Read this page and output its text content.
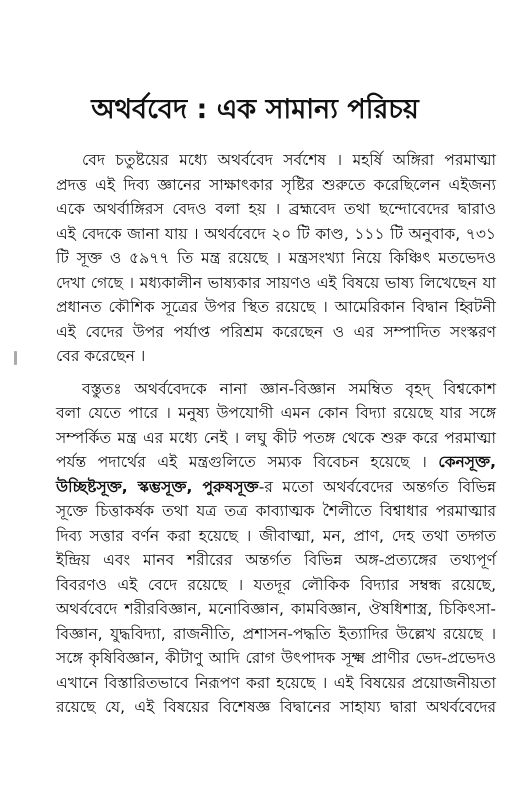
অথর্ববেদ : এক সামান্য পরিচয়
বেদ চতুষ্টয়ের মধ্যে অথর্ববেদ সর্বশেষ । মহর্ষি অঙ্গিরা পরমাত্মা
প্রদত্ত এই দিব্য জ্ঞানের সাক্ষাৎকার সৃষ্টির শুরুতে করেছিলেন এইজন্য
একে অথর্বাঙ্গিরস বেদও বলা হয় । ব্রহ্মবেদ তথা ছন্দোবেদের দ্বারাও
এই বেদকে জানা যায় । অথর্ববেদে ২০ টি কাণ্ড, ১১১ টি অনুবাক, ৭৩১
টি সূক্ত ও ৫৯৭৭ তি মন্ত্র রয়েছে । মন্ত্রসংখ্যা নিয়ে কিঞ্চিৎ মতভেদও
দেখা গেছে । মধ্যকালীন ভাষ্যকার সায়ণও এই বিষয়ে ভাষ্য লিখেছেন যা
প্রধানত কৌশিক সূত্রের উপর স্থিত রয়েছে । আমেরিকান বিদ্বান হ্বিটনী
এই বেদের উপর পর্যাপ্ত পরিশ্রম করেছেন ও এর সম্পাদিত সংস্করণ
বের করেছেন ।
বস্তুতঃ অথর্ববেদকে নানা জ্ঞান-বিজ্ঞান সমম্বিত বৃহদ্ বিশ্বকোশ
বলা যেতে পারে । মনুষ্য উপযোগী এমন কোন বিদ্যা রয়েছে যার সঙ্গে
সম্পর্কিত মন্ত্র এর মধ্যে নেই । লঘু কীট পতঙ্গ থেকে শুরু করে পরমাত্মা
পর্যন্ত পদার্থের এই মন্ত্রগুলিতে সম্যক বিবেচন হয়েছে । কেনসূক্ত,
উচ্ছিষ্টসূক্ত, স্কম্ভসূক্ত, পুরুষসূক্ত-র মতো অথর্ববেদের অন্তর্গত বিভিন্ন
সূক্তে চিত্তাকর্ষক তথা যত্র তত্র কাব্যাত্মক শৈলীতে বিশ্বাধার পরমাত্মার
দিব্য সত্তার বর্ণন করা হয়েছে । জীবাত্মা, মন, প্রাণ, দেহ তথা তদ্গত
ইন্দ্রিয় এবং মানব শরীরের অন্তর্গত বিভিন্ন অঙ্গ-প্রত্যঙ্গের তথ্যপূর্ণ
বিবরণও এই বেদে রয়েছে । যতদূর লৌকিক বিদ্যার সম্বন্ধ রয়েছে,
অথর্ববেদে শরীরবিজ্ঞান, মনোবিজ্ঞান, কামবিজ্ঞান, ঔষধিশাস্ত্র, চিকিৎসা-
বিজ্ঞান, যুদ্ধবিদ্যা, রাজনীতি, প্রশাসন-পদ্ধতি ইত্যাদির উল্লেখ রয়েছে ।
সঙ্গে কৃষিবিজ্ঞান, কীটাণু আদি রোগ উৎপাদক সূক্ষ্ম প্রাণীর ভেদ-প্রভেদও
এখানে বিস্তারিতভাবে নিরূপণ করা হয়েছে । এই বিষয়ের প্রয়োজনীয়তা
রয়েছে যে, এই বিষয়ের বিশেষজ্ঞ বিদ্বানের সাহায্য দ্বারা অথর্ববেদের
